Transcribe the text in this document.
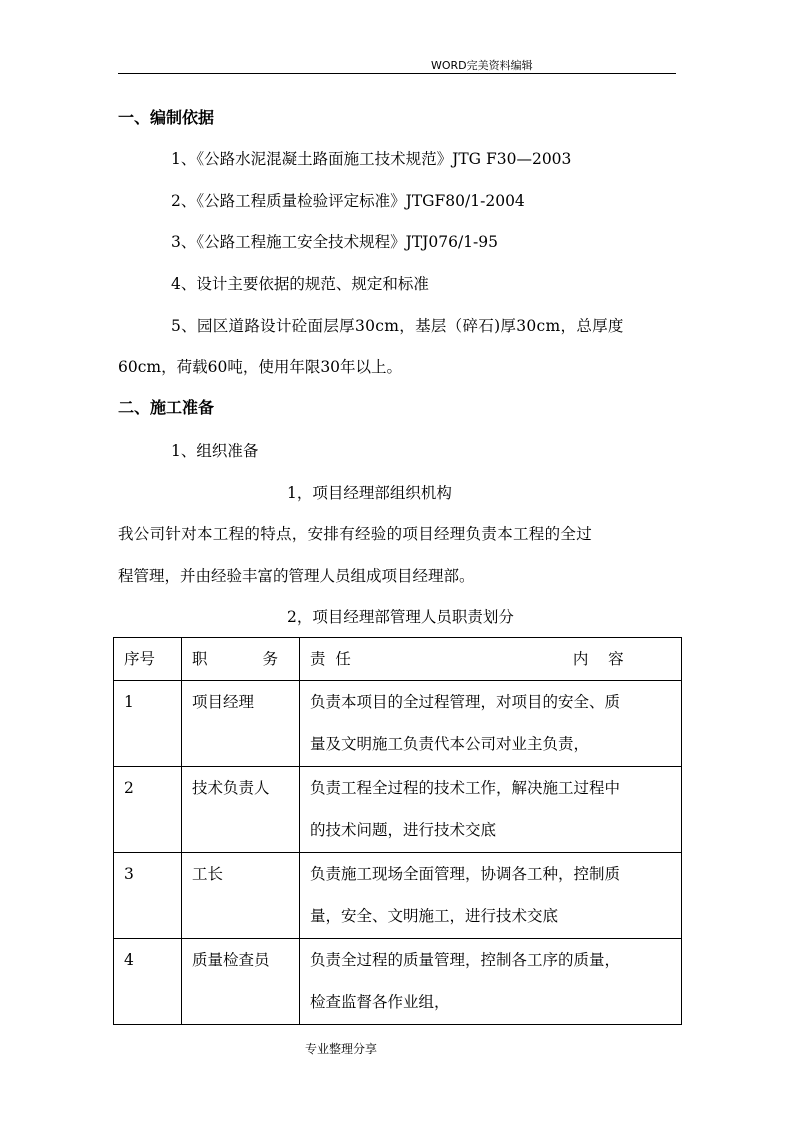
WORD完美资料编辑
一、编制依据
1、《公路水泥混凝土路面施工技术规范》JTG F30—2003
2、《公路工程质量检验评定标准》JTGF80/1-2004
3、《公路工程施工安全技术规程》JTJ076/1-95
4、设计主要依据的规范、规定和标准
5、园区道路设计砼面层厚30cm，基层（碎石)厚30cm，总厚度
60cm，荷载60吨，使用年限30年以上。
二、施工准备
1、组织准备
1，项目经理部组织机构
我公司针对本工程的特点，安排有经验的项目经理负责本工程的全过
程管理，并由经验丰富的管理人员组成项目经理部。
2，项目经理部管理人员职责划分
序号	职 务	责  任 内    容

1	项目经理	负责本项目的全过程管理，对项目的安全、质
量及文明施工负责代本公司对业主负责，

2	技术负责人	负责工程全过程的技术工作，解决施工过程中
的技术问题，进行技术交底

3	工长	负责施工现场全面管理，协调各工种，控制质
量，安全、文明施工，进行技术交底

4	质量检查员	负责全过程的质量管理，控制各工序的质量，
检查监督各作业组，
专业整理分享
